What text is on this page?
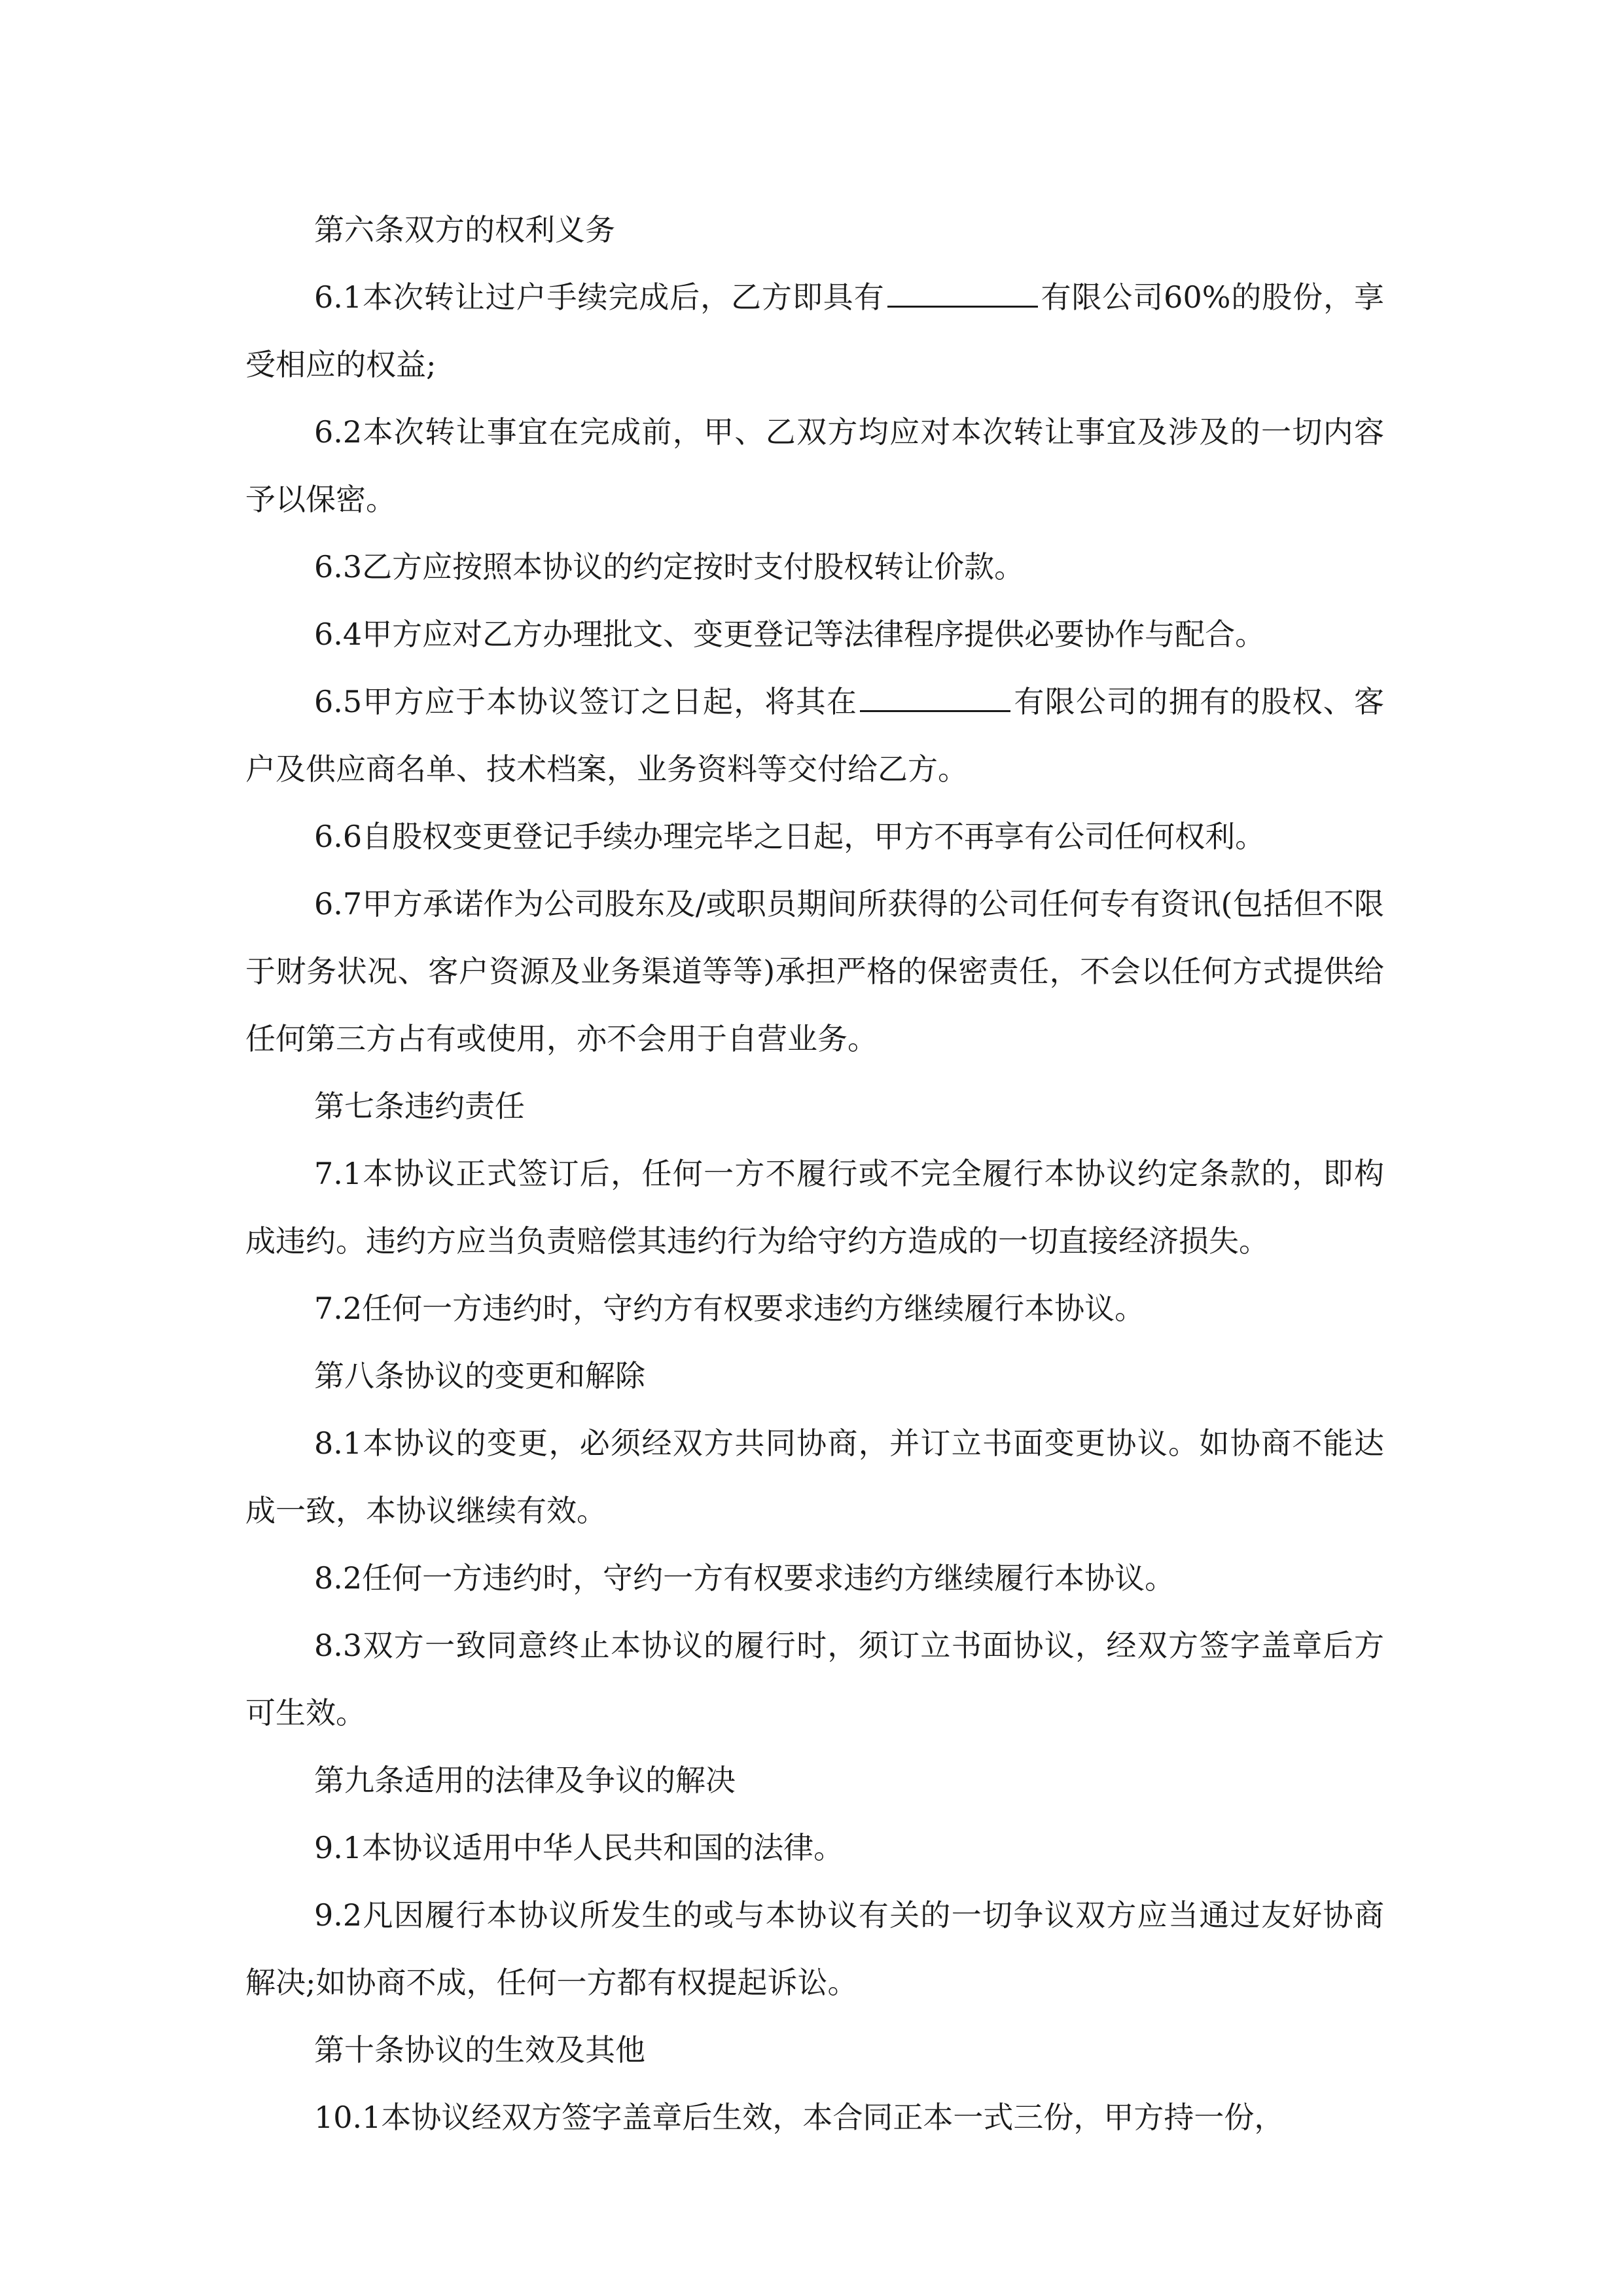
第六条双方的权利义务

6.1本次转让过户手续完成后，乙方即具有	有限公司60%的股份，享受相应的权益;

6.2本次转让事宜在完成前，甲、乙双方均应对本次转让事宜及涉及的一切内容予以保密。

6.3乙方应按照本协议的约定按时支付股权转让价款。

6.4甲方应对乙方办理批文、变更登记等法律程序提供必要协作与配合。

6.5甲方应于本协议签订之日起，将其在	有限公司的拥有的股权、客户及供应商名单、技术档案，业务资料等交付给乙方。

6.6自股权变更登记手续办理完毕之日起，甲方不再享有公司任何权利。

6.7甲方承诺作为公司股东及/或职员期间所获得的公司任何专有资讯(包括但不限于财务状况、客户资源及业务渠道等等)承担严格的保密责任，不会以任何方式提供给任何第三方占有或使用，亦不会用于自营业务。

第七条违约责任

7.1本协议正式签订后，任何一方不履行或不完全履行本协议约定条款的，即构成违约。违约方应当负责赔偿其违约行为给守约方造成的一切直接经济损失。

7.2任何一方违约时，守约方有权要求违约方继续履行本协议。

第八条协议的变更和解除

8.1本协议的变更，必须经双方共同协商，并订立书面变更协议。如协商不能达成一致，本协议继续有效。

8.2任何一方违约时，守约一方有权要求违约方继续履行本协议。

8.3双方一致同意终止本协议的履行时，须订立书面协议，经双方签字盖章后方可生效。

第九条适用的法律及争议的解决

9.1本协议适用中华人民共和国的法律。

9.2凡因履行本协议所发生的或与本协议有关的一切争议双方应当通过友好协商解决;如协商不成，任何一方都有权提起诉讼。

第十条协议的生效及其他

10.1本协议经双方签字盖章后生效，本合同正本一式三份，甲方持一份，
